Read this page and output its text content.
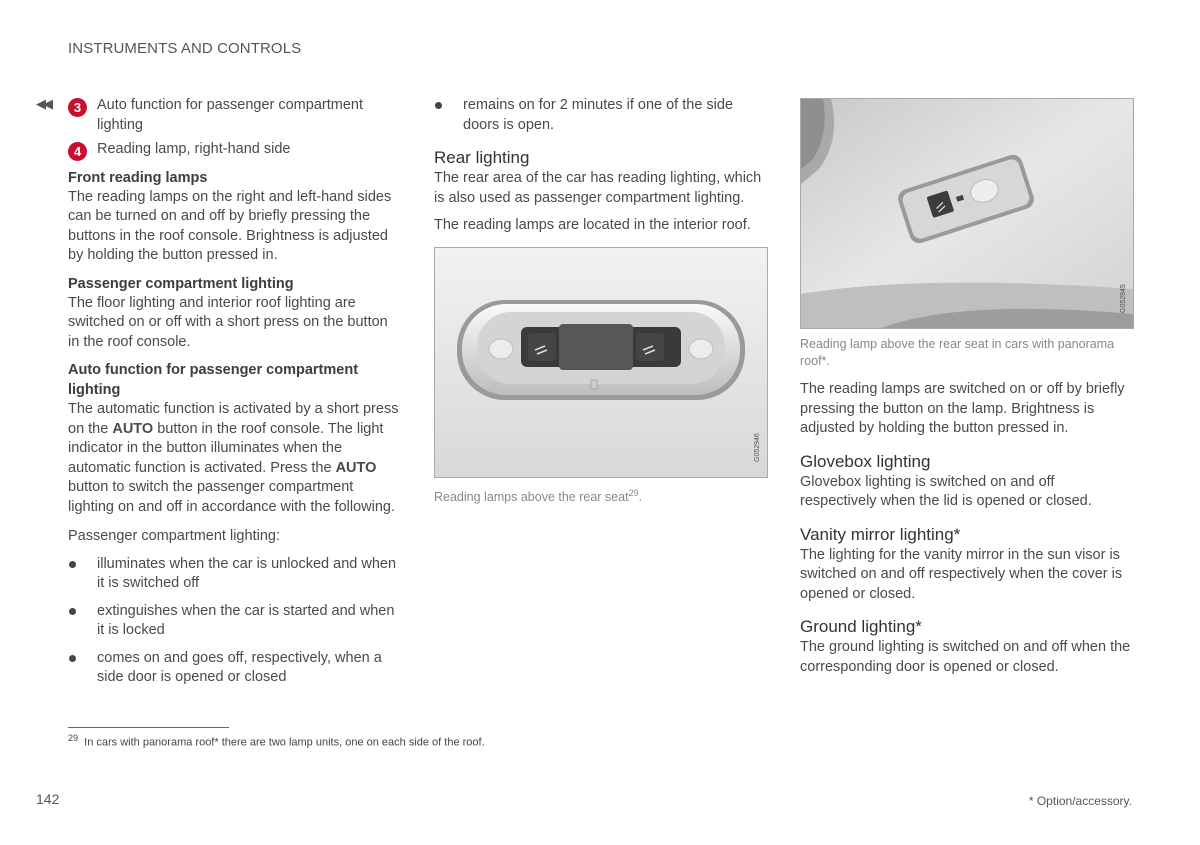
INSTRUMENTS AND CONTROLS
◀◀	3	Auto function for passenger compartment lighting
4	Reading lamp, right-hand side
Front reading lamps

The reading lamps on the right and left-hand sides can be turned on and off by briefly pressing the buttons in the roof console. Brightness is adjusted by holding the button pressed in.

Passenger compartment lighting

The floor lighting and interior roof lighting are switched on or off with a short press on the button in the roof console.

Auto function for passenger compartment lighting

The automatic function is activated by a short press on the AUTO button in the roof console. The light indicator in the button illuminates when the automatic function is activated. Press the AUTO button to switch the passenger compartment lighting on and off in accordance with the following.

Passenger compartment lighting:

illuminates when the car is unlocked and when it is switched off
extinguishes when the car is started and when it is locked
comes on and goes off, respectively, when a side door is opened or closed
remains on for 2 minutes if one of the side doors is open.
Rear lighting

The rear area of the car has reading lighting, which is also used as passenger compartment lighting.

The reading lamps are located in the interior roof.

G052946
Reading lamps above the rear seat$^{29}$.
G052945
Reading lamp above the rear seat in cars with panorama roof*.

The reading lamps are switched on or off by briefly pressing the button on the lamp. Brightness is adjusted by holding the button pressed in.

Glovebox lighting

Glovebox lighting is switched on and off respectively when the lid is opened or closed.

Vanity mirror lighting*

The lighting for the vanity mirror in the sun visor is switched on and off respectively when the cover is opened or closed.

Ground lighting*

The ground lighting is switched on and off when the corresponding door is opened or closed.

$^{29}$ In cars with panorama roof* there are two lamp units, one on each side of the roof.
142	* Option/accessory.
